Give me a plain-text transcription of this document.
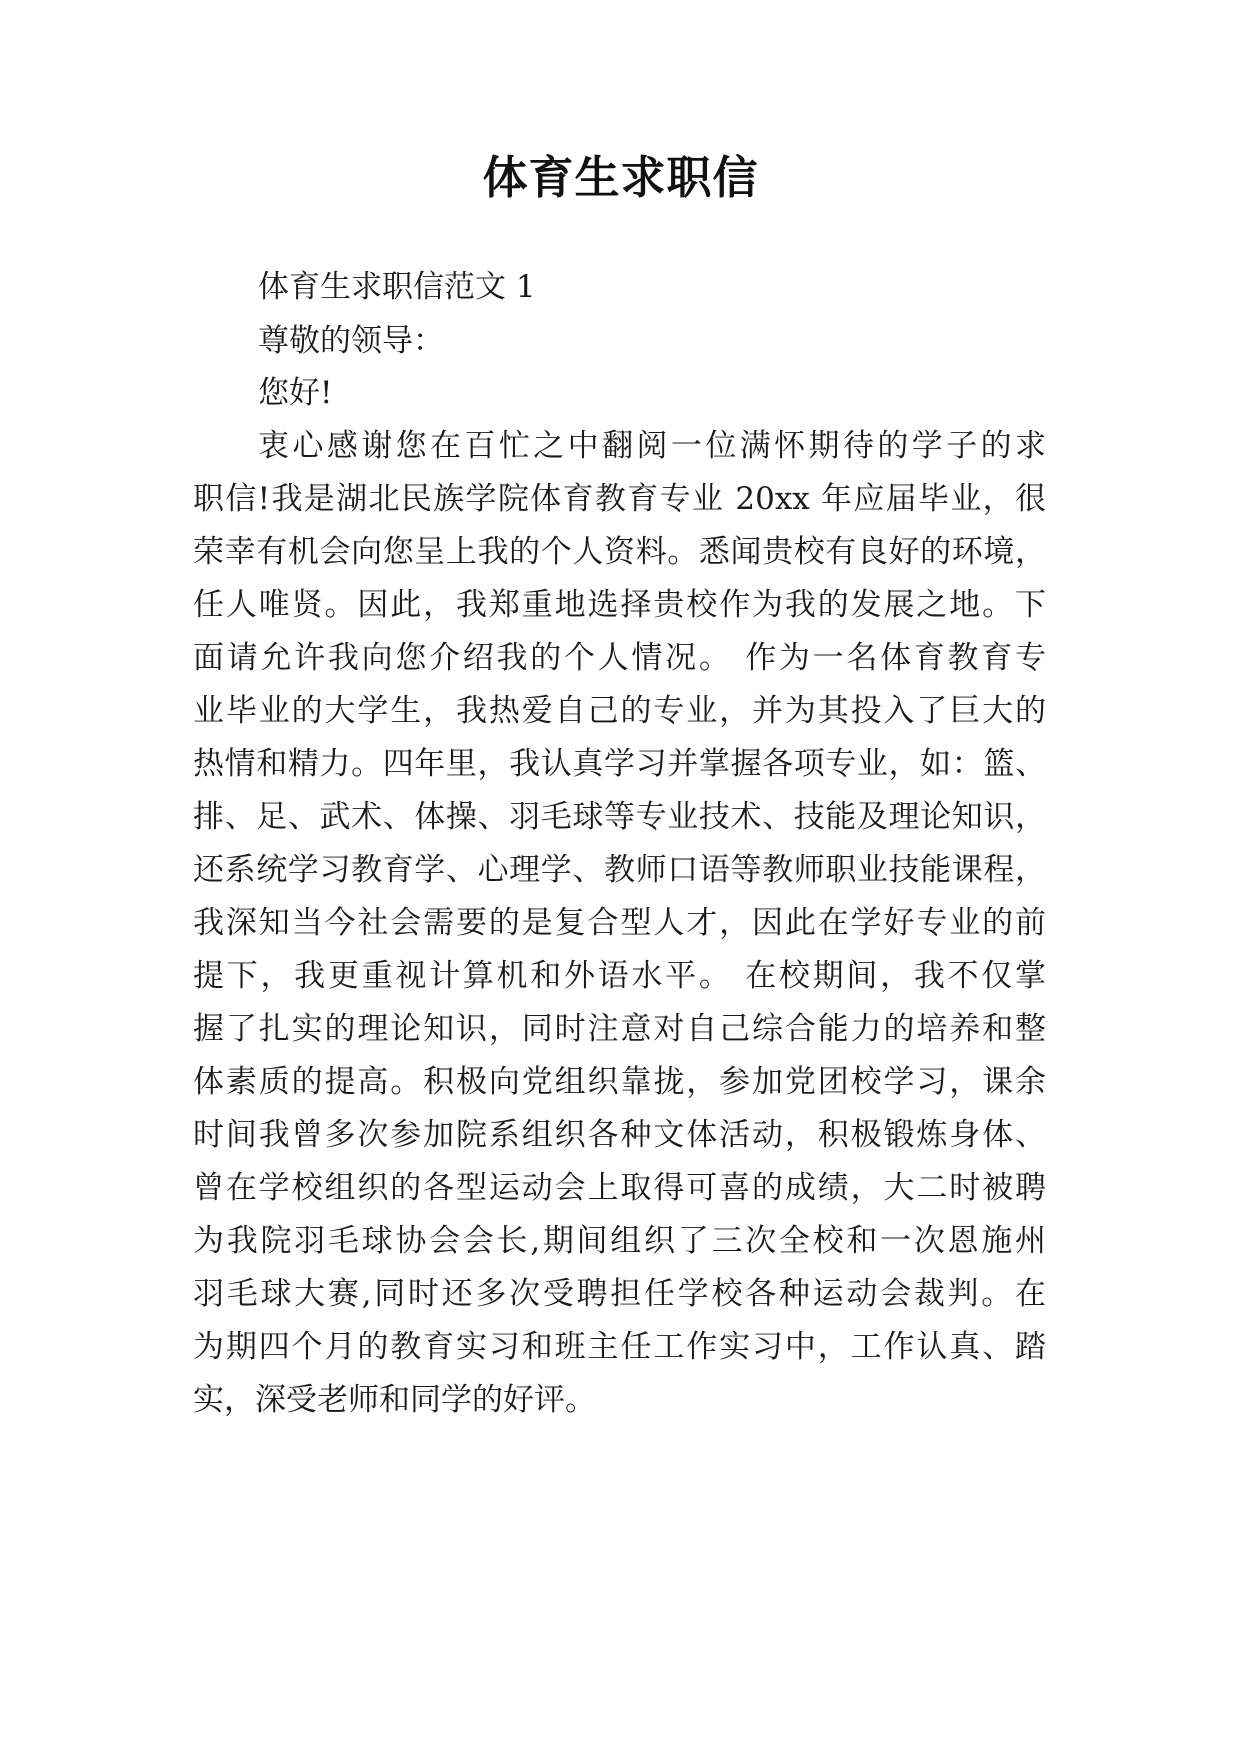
体育生求职信

体育生求职信范文 1

尊敬的领导：

您好!

衷心感谢您在百忙之中翻阅一位满怀期待的学子的求

职信!我是湖北民族学院体育教育专业 20xx 年应届毕业，很

荣幸有机会向您呈上我的个人资料。悉闻贵校有良好的环境，

任人唯贤。因此，我郑重地选择贵校作为我的发展之地。下

面请允许我向您介绍我的个人情况。 作为一名体育教育专

业毕业的大学生，我热爱自己的专业，并为其投入了巨大的

热情和精力。四年里，我认真学习并掌握各项专业，如：篮、

排、足、武术、体操、羽毛球等专业技术、技能及理论知识，

还系统学习教育学、心理学、教师口语等教师职业技能课程，

我深知当今社会需要的是复合型人才，因此在学好专业的前

提下，我更重视计算机和外语水平。 在校期间，我不仅掌

握了扎实的理论知识，同时注意对自己综合能力的培养和整

体素质的提高。积极向党组织靠拢，参加党团校学习，课余

时间我曾多次参加院系组织各种文体活动，积极锻炼身体、

曾在学校组织的各型运动会上取得可喜的成绩，大二时被聘

为我院羽毛球协会会长,期间组织了三次全校和一次恩施州

羽毛球大赛,同时还多次受聘担任学校各种运动会裁判。在

为期四个月的教育实习和班主任工作实习中，工作认真、踏

实，深受老师和同学的好评。
